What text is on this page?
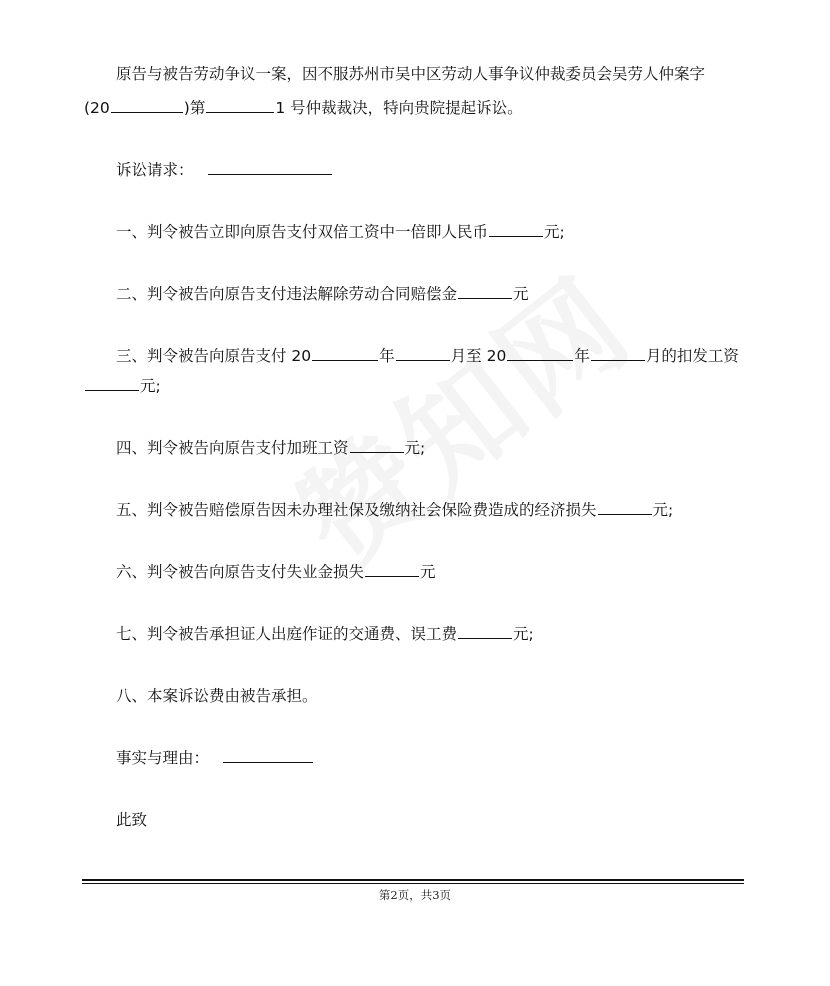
原告与被告劳动争议一案，因不服苏州市吴中区劳动人事争议仲裁委员会吴劳人仲案字
(20	)第	1 号仲裁裁决，特向贵院提起诉讼。
诉讼请求：
一、判令被告立即向原告支付双倍工资中一倍即人民币	元;
二、判令被告向原告支付违法解除劳动合同赔偿金	元
三、判令被告向原告支付 20	年	月至 20	年	月的扣发工资
元;
四、判令被告向原告支付加班工资	元;
五、判令被告赔偿原告因未办理社保及缴纳社会保险费造成的经济损失	元;
六、判令被告向原告支付失业金损失	元
七、判令被告承担证人出庭作证的交通费、误工费	元;
八、本案诉讼费由被告承担。
事实与理由：
此致
第2页，共3页
